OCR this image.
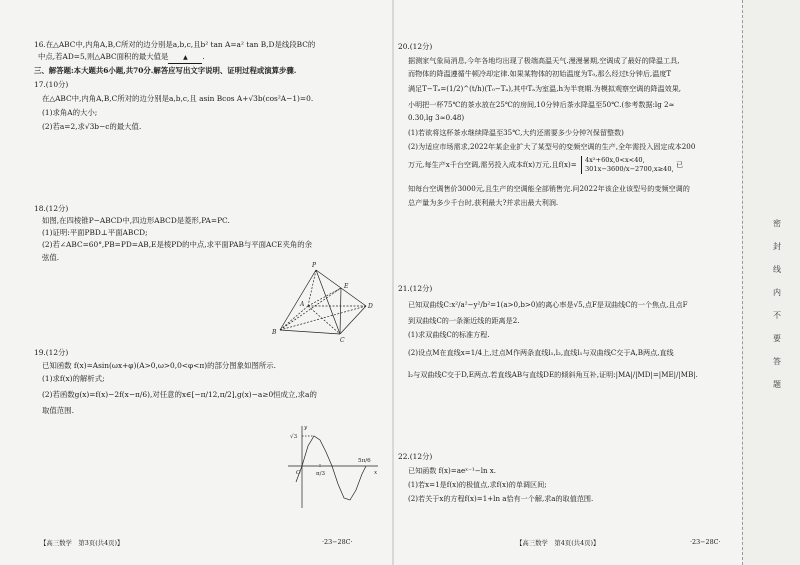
16.在△ABC中,内角A,B,C所对的边分别是a,b,c,且b² tan A=a² tan B,D是线段BC的
中点,若AD=5,则△ABC面积的最大值是 ▲ .
三、解答题:本大题共6小题,共70分.解答应写出文字说明、证明过程或演算步骤.
17.(10分)
在△ABC中,内角A,B,C所对的边分别是a,b,c,且 asin Bcos A+√3b(cos²A−1)=0.
(1)求角A的大小;
(2)若a=2,求√3b−c的最大值.
18.(12分)
如图,在四棱锥P−ABCD中,四边形ABCD是菱形,PA=PC.
(1)证明:平面PBD⊥平面ABCD;
(2)若∠ABC=60°,PB=PD=AB,E是棱PD的中点,求平面PAB与平面ACE夹角的余
弦值.
P
B
A
C
D
E
19.(12分)
已知函数 f(x)=Asin(ωx+φ)(A>0,ω>0,0<φ<π)的部分图象如图所示.
(1)求f(x)的解析式;
(2)若函数g(x)=f(x)−2f(x−π/6),对任意的x∈[−π/12,π/2],g(x)−a≥0恒成立,求a的
取值范围.
y
√3
O	π/3
5π/6
x
【高三数学　第3页(共4页)】	·23−28C·
20.(12分)
据测家气象局消息,今年各地均出现了极端高温天气.漫漫暑期,空调成了最好的降温工具,
而物体的降温遵循牛顿冷却定律.如果某物体的初始温度为T₀,那么经过t分钟后,温度T
满足T−Tₐ=(1/2)^(t/h)(T₀−Tₐ),其中Tₐ为室温,h为半衰期.为模拟观察空调的降温效果,
小明把一杯75℃的茶水放在25℃的房间,10分钟后茶水降温至50℃.(参考数据:lg 2≈
0.30,lg 3≈0.48)
(1)若欲将这杯茶水继续降温至35℃,大约还需要多少分钟?(保留整数)
(2)为适应市场需求,2022年某企业扩大了某型号的变频空调的生产,全年需投入固定成本200
万元,每生产x千台空调,需另投入成本f(x)万元,且f(x)= 4x²+60x,0<x<40,
301x−3600/x−2700,x≥40, 已
知每台空调售价3000元,且生产的空调能全部销售完.问2022年该企业该型号的变频空调的
总产量为多少千台时,获利最大?并求出最大利润.
21.(12分)
已知双曲线C:x²/a²−y²/b²=1(a>0,b>0)的离心率是√5,点F是双曲线C的一个焦点,且点F
到双曲线C的一条渐近线的距离是2.
(1)求双曲线C的标准方程.
(2)设点M在直线x=1/4上,过点M作两条直线l₁,l₂,直线l₁与双曲线C交于A,B两点,直线
l₂与双曲线C交于D,E两点.若直线AB与直线DE的倾斜角互补,证明:|MA|/|MD|=|ME|/|MB|.
22.(12分)
已知函数 f(x)=aeˣ⁻¹−ln x.
(1)若x=1是f(x)的极值点,求f(x)的单调区间;
(2)若关于x的方程f(x)=1+ln a恰有一个解,求a的取值范围.
【高三数学　第4页(共4页)】	·23−28C·
密
封
线
内
不
要
答
题
